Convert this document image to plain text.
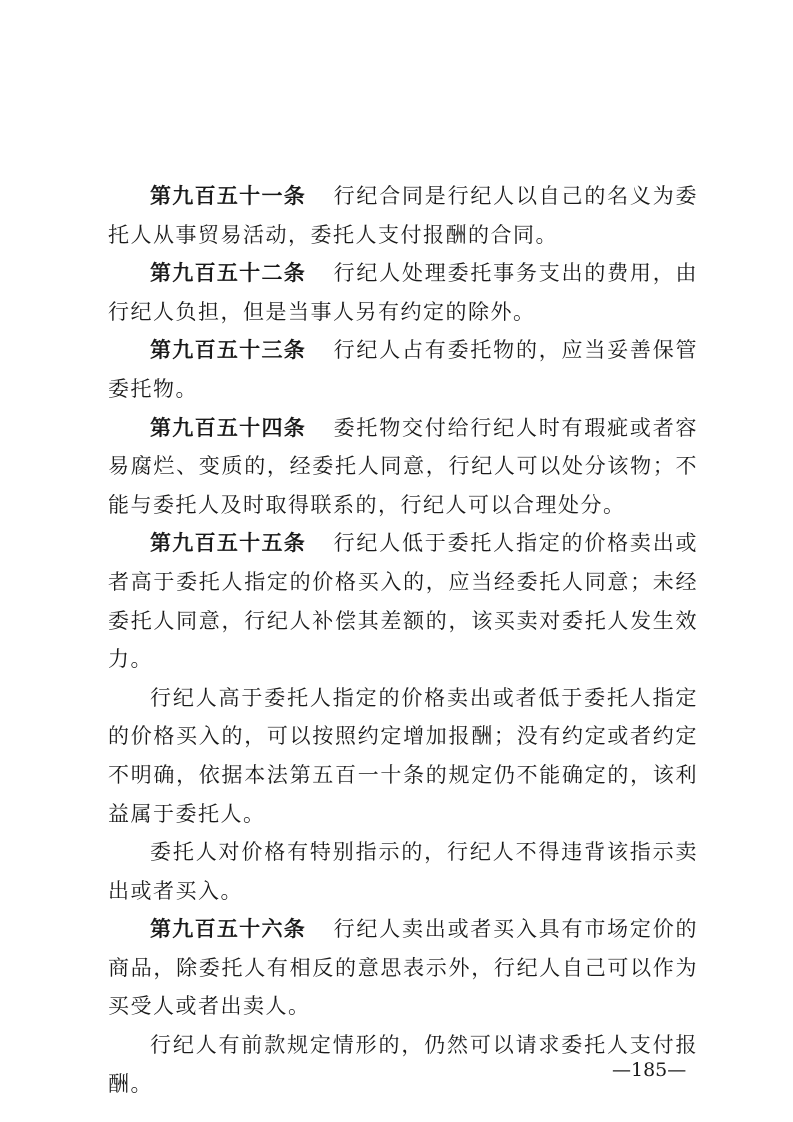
第九百五十一条 行纪合同是行纪人以自己的名义为委托人从事贸易活动，委托人支付报酬的合同。

第九百五十二条 行纪人处理委托事务支出的费用，由行纪人负担，但是当事人另有约定的除外。

第九百五十三条 行纪人占有委托物的，应当妥善保管委托物。

第九百五十四条 委托物交付给行纪人时有瑕疵或者容易腐烂、变质的，经委托人同意，行纪人可以处分该物；不能与委托人及时取得联系的，行纪人可以合理处分。

第九百五十五条 行纪人低于委托人指定的价格卖出或者高于委托人指定的价格买入的，应当经委托人同意；未经委托人同意，行纪人补偿其差额的，该买卖对委托人发生效力。

行纪人高于委托人指定的价格卖出或者低于委托人指定的价格买入的，可以按照约定增加报酬；没有约定或者约定不明确，依据本法第五百一十条的规定仍不能确定的，该利益属于委托人。

委托人对价格有特别指示的，行纪人不得违背该指示卖出或者买入。

第九百五十六条 行纪人卖出或者买入具有市场定价的商品，除委托人有相反的意思表示外，行纪人自己可以作为买受人或者出卖人。

行纪人有前款规定情形的，仍然可以请求委托人支付报酬。

—185—
